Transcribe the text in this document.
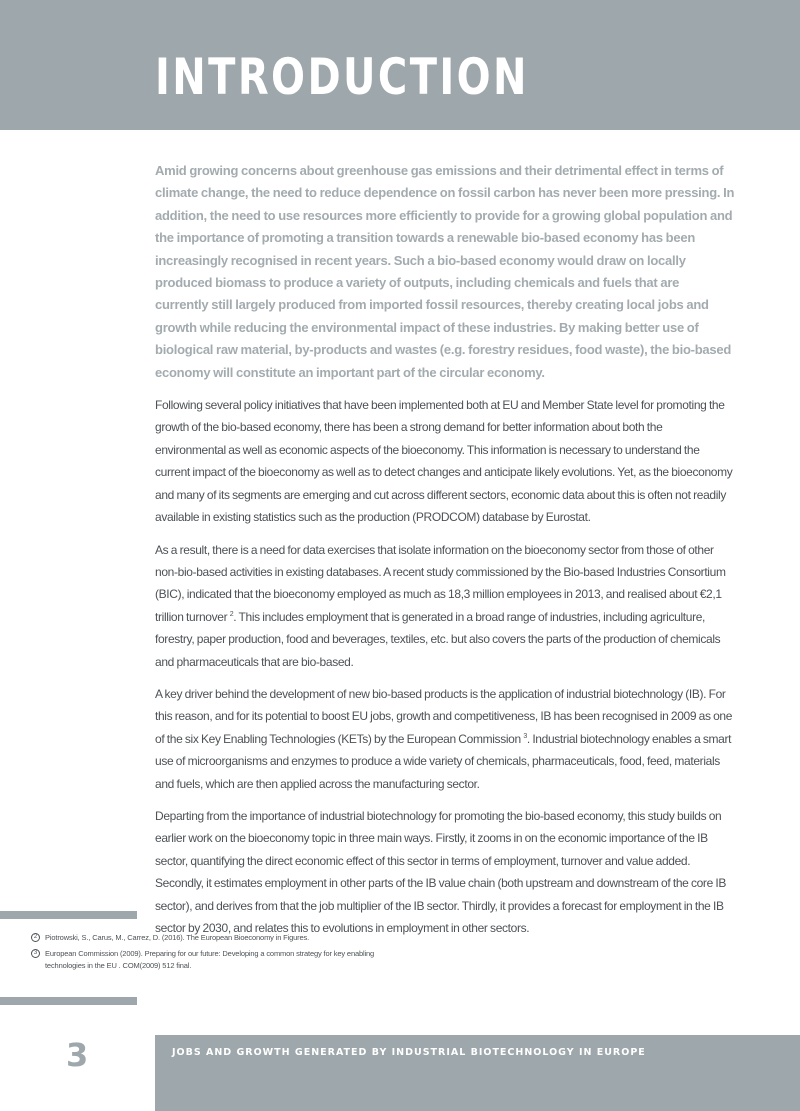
INTRODUCTION

Amid growing concerns about greenhouse gas emissions and their detrimental effect in terms of climate change, the need to reduce dependence on fossil carbon has never been more pressing. In addition, the need to use resources more efficiently to provide for a growing global population and the importance of promoting a transition towards a renewable bio-based economy has been increasingly recognised in recent years. Such a bio-based economy would draw on locally produced biomass to produce a variety of outputs, including chemicals and fuels that are currently still largely produced from imported fossil resources, thereby creating local jobs and growth while reducing the environmental impact of these industries. By making better use of biological raw material, by-products and wastes (e.g. forestry residues, food waste), the bio-based economy will constitute an important part of the circular economy.

Following several policy initiatives that have been implemented both at EU and Member State level for promoting the growth of the bio-based economy, there has been a strong demand for better information about both the environmental as well as economic aspects of the bioeconomy. This information is necessary to understand the current impact of the bioeconomy as well as to detect changes and anticipate likely evolutions. Yet, as the bioeconomy and many of its segments are emerging and cut across different sectors, economic data about this is often not readily available in existing statistics such as the production (PRODCOM) database by Eurostat.

As a result, there is a need for data exercises that isolate information on the bioeconomy sector from those of other non-bio-based activities in existing databases. A recent study commissioned by the Bio-based Industries Consortium (BIC), indicated that the bioeconomy employed as much as 18,3 million employees in 2013, and realised about €2,1 trillion turnover $^2$. This includes employment that is generated in a broad range of industries, including agriculture, forestry, paper production, food and beverages, textiles, etc. but also covers the parts of the production of chemicals and pharmaceuticals that are bio-based.

A key driver behind the development of new bio-based products is the application of industrial biotechnology (IB). For this reason, and for its potential to boost EU jobs, growth and competitiveness, IB has been recognised in 2009 as one of the six Key Enabling Technologies (KETs) by the European Commission $^3$. Industrial biotechnology enables a smart use of microorganisms and enzymes to produce a wide variety of chemicals, pharmaceuticals, food, feed, materials and fuels, which are then applied across the manufacturing sector.

Departing from the importance of industrial biotechnology for promoting the bio-based economy, this study builds on earlier work on the bioeconomy topic in three main ways. Firstly, it zooms in on the economic importance of the IB sector, quantifying the direct economic effect of this sector in terms of employment, turnover and value added. Secondly, it estimates employment in other parts of the IB value chain (both upstream and downstream of the core IB sector), and derives from that the job multiplier of the IB sector. Thirdly, it provides a forecast for employment in the IB sector by 2030, and relates this to evolutions in employment in other sectors.

2	Piotrowski, S., Carus, M., Carrez, D. (2016). The European Bioeconomy in Figures.

3	European Commission (2009). Preparing for our future: Developing a common strategy for key enabling technologies in the EU . COM(2009) 512 final.

3	JOBS AND GROWTH GENERATED BY INDUSTRIAL BIOTECHNOLOGY IN EUROPE
